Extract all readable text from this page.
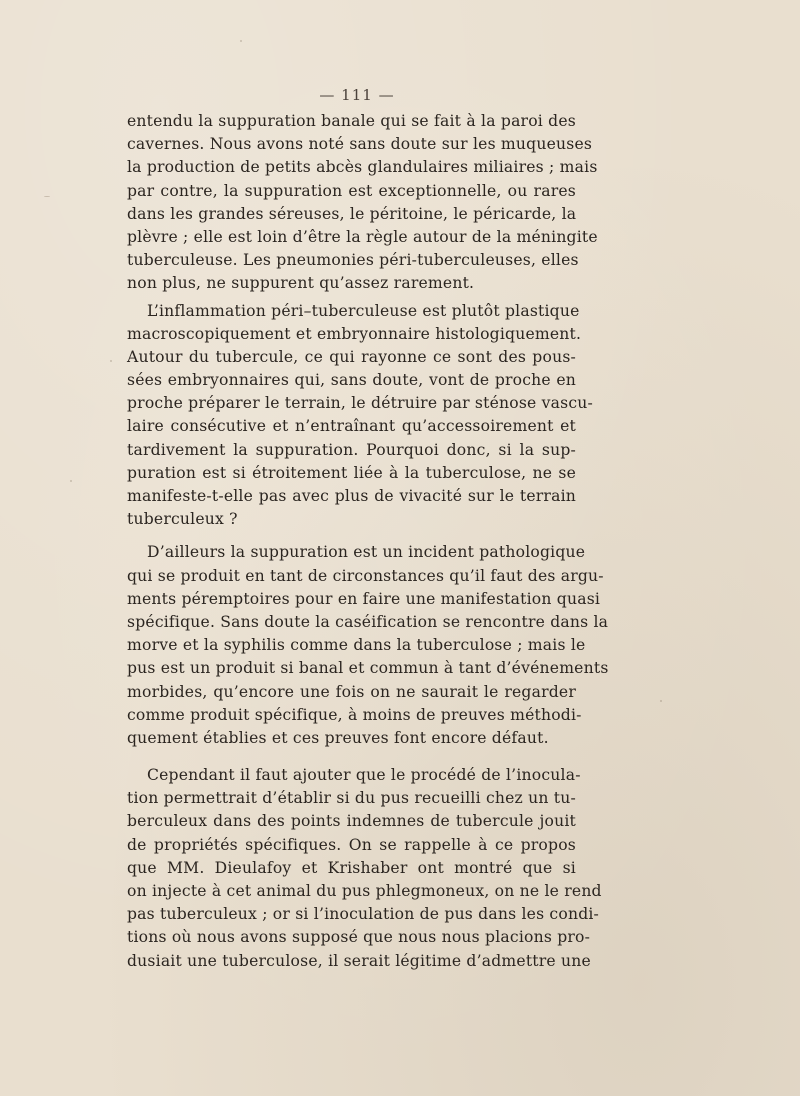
— 111 —
entendu la suppuration banale qui se fait à la paroi des
cavernes. Nous avons noté sans doute sur les muqueuses
la production de petits abcès glandulaires miliaires ; mais
par contre, la suppuration est exceptionnelle, ou rares
dans les grandes séreuses, le péritoine, le péricarde, la
plèvre ; elle est loin d’être la règle autour de la méningite
tuberculeuse. Les pneumonies péri-tuberculeuses, elles
non plus, ne suppurent qu’assez rarement.
L’inflammation péri–tuberculeuse est plutôt plastique
macroscopiquement et embryonnaire histologiquement.
Autour du tubercule, ce qui rayonne ce sont des pous-
sées embryonnaires qui, sans doute, vont de proche en
proche préparer le terrain, le détruire par sténose vascu-
laire consécutive et n’entraînant qu’accessoirement et
tardivement la suppuration. Pourquoi donc, si la sup-
puration est si étroitement liée à la tuberculose, ne se
manifeste-t-elle pas avec plus de vivacité sur le terrain
tuberculeux ?
D’ailleurs la suppuration est un incident pathologique
qui se produit en tant de circonstances qu’il faut des argu-
ments péremptoires pour en faire une manifestation quasi
spécifique. Sans doute la caséification se rencontre dans la
morve et la syphilis comme dans la tuberculose ; mais le
pus est un produit si banal et commun à tant d’événements
morbides, qu’encore une fois on ne saurait le regarder
comme produit spécifique, à moins de preuves méthodi-
quement établies et ces preuves font encore défaut.
Cependant il faut ajouter que le procédé de l’inocula-
tion permettrait d’établir si du pus recueilli chez un tu-
berculeux dans des points indemnes de tubercule jouit
de propriétés spécifiques. On se rappelle à ce propos
que MM. Dieulafoy et Krishaber ont montré que si
on injecte à cet animal du pus phlegmoneux, on ne le rend
pas tuberculeux ; or si l’inoculation de pus dans les condi-
tions où nous avons supposé que nous nous placions pro-
dusiait une tuberculose, il serait légitime d’admettre une
